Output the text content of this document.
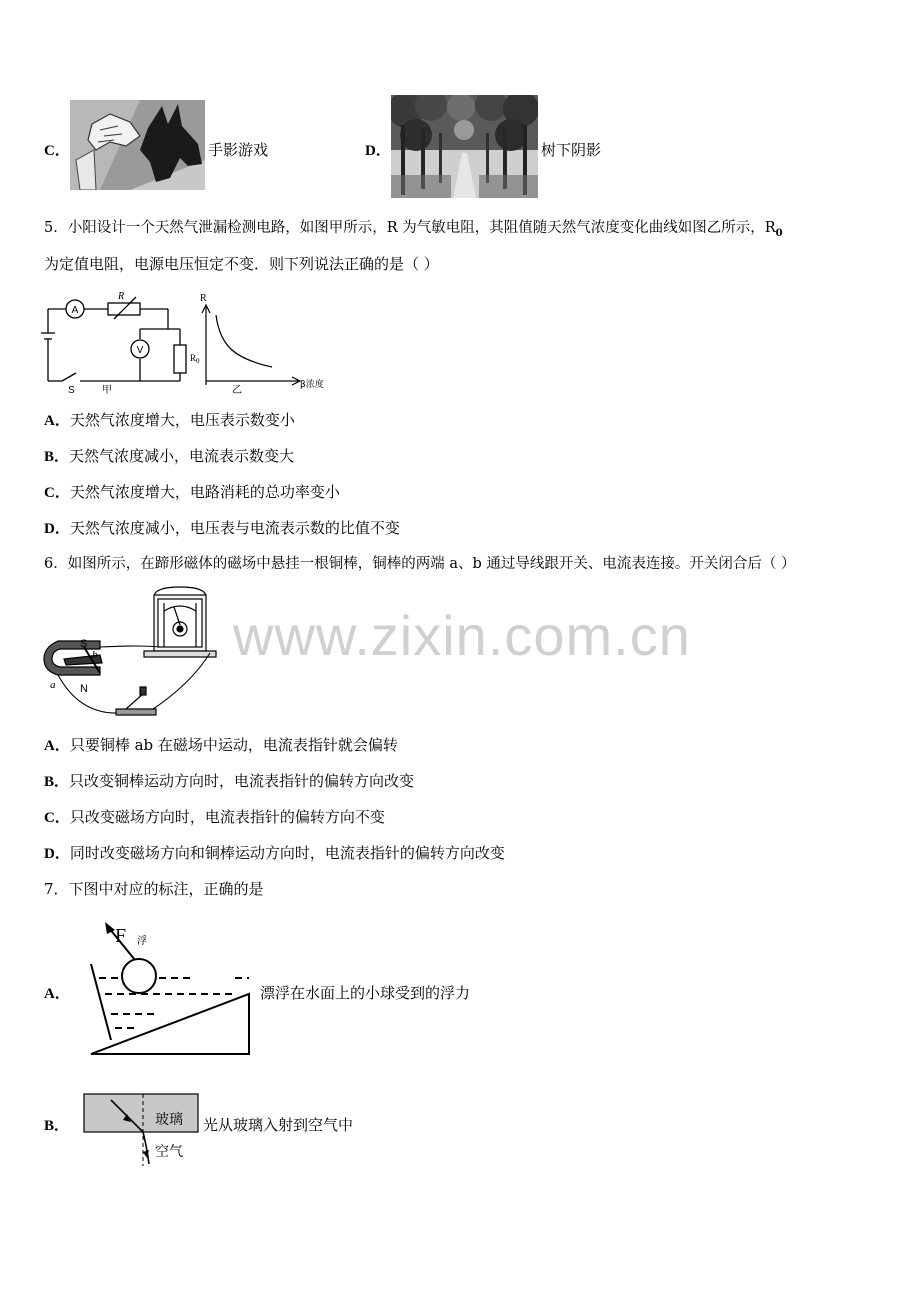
C．	手影游戏	D．	树下阴影
5．小阳设计一个天然气泄漏检测电路，如图甲所示，R 为气敏电阻，其阻值随天然气浓度变化曲线如图乙所示，$R_0$
为定值电阻，电源电压恒定不变．则下列说法正确的是（ ）
A
V
R
$R_0$
S	甲
R
β浓度
乙
A．天然气浓度增大，电压表示数变小
B．天然气浓度减小，电流表示数变大
C．天然气浓度增大，电路消耗的总功率变小
D．天然气浓度减小，电压表与电流表示数的比值不变
6．如图所示，在蹄形磁体的磁场中悬挂一根铜棒，铜棒的两端 a、b 通过导线跟开关、电流表连接。开关闭合后（ ）
www.zixin.com.cn
S
b
a N
A．只要铜棒 ab 在磁场中运动，电流表指针就会偏转
B．只改变铜棒运动方向时，电流表指针的偏转方向改变
C．只改变磁场方向时，电流表指针的偏转方向不变
D．同时改变磁场方向和铜棒运动方向时，电流表指针的偏转方向改变
7．下图中对应的标注，正确的是
A．
F 浮
漂浮在水面上的小球受到的浮力
B．	玻璃
空气
光从玻璃入射到空气中
